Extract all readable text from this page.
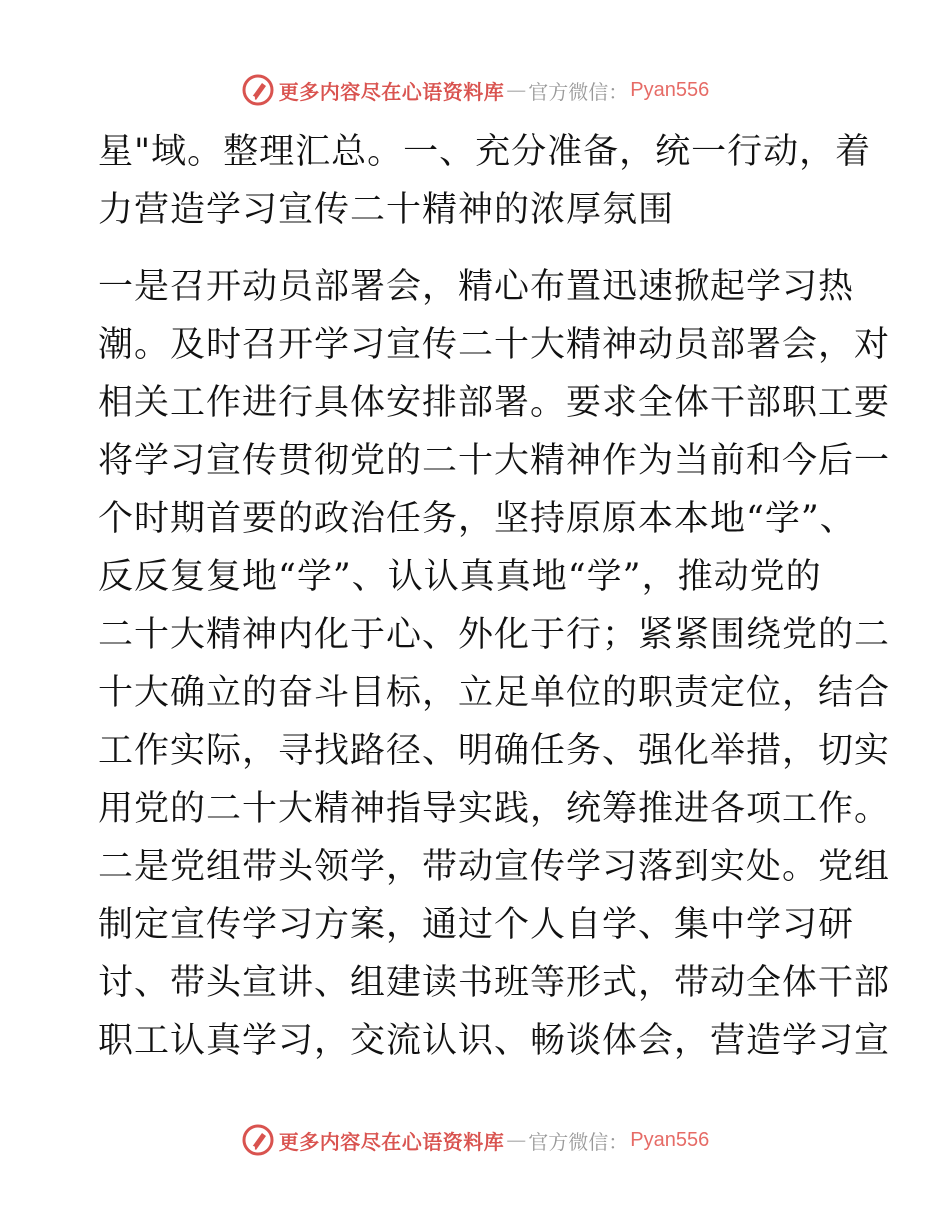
更多内容尽在心语资料库 — 官方微信： Pyan556
星"域。整理汇总。一、充分准备，统一行动，着
力营造学习宣传二十精神的浓厚氛围
一是召开动员部署会，精心布置迅速掀起学习热
潮。及时召开学习宣传二十大精神动员部署会，对
相关工作进行具体安排部署。要求全体干部职工要
将学习宣传贯彻党的二十大精神作为当前和今后一
个时期首要的政治任务，坚持原原本本地“学”、
反反复复地“学”、认认真真地“学”，推动党的
二十大精神内化于心、外化于行；紧紧围绕党的二
十大确立的奋斗目标，立足单位的职责定位，结合
工作实际，寻找路径、明确任务、强化举措，切实
用党的二十大精神指导实践，统筹推进各项工作。
二是党组带头领学，带动宣传学习落到实处。党组
制定宣传学习方案，通过个人自学、集中学习研
讨、带头宣讲、组建读书班等形式，带动全体干部
职工认真学习，交流认识、畅谈体会，营造学习宣
更多内容尽在心语资料库 — 官方微信： Pyan556
